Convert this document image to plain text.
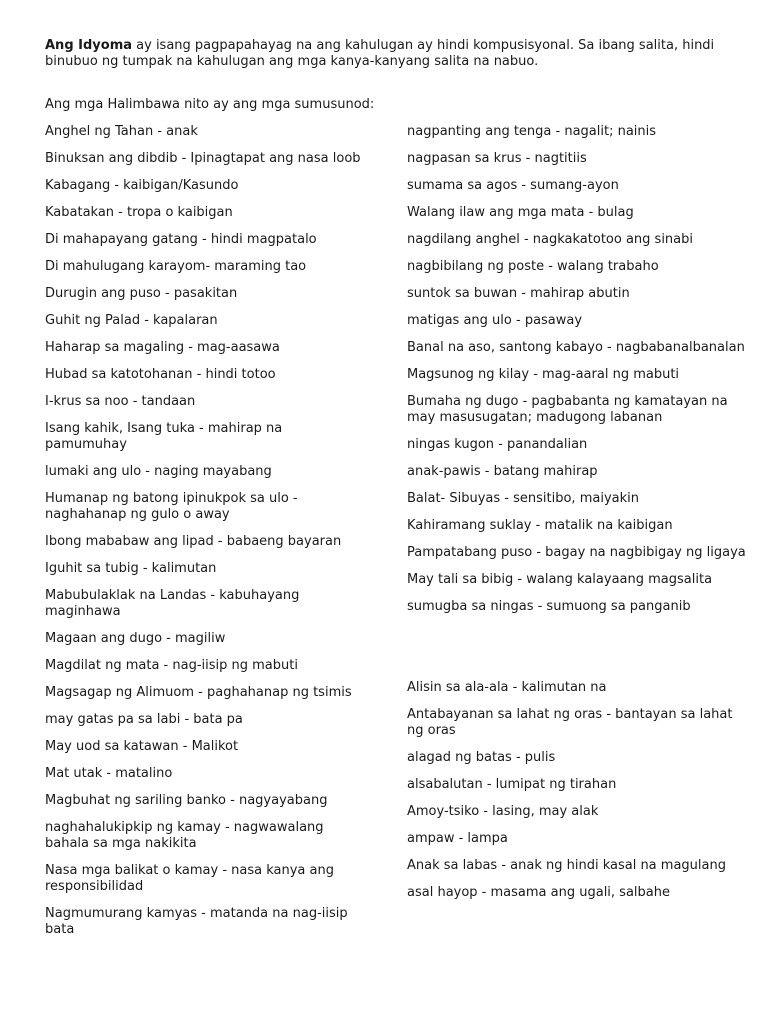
Ang Idyoma ay isang pagpapahayag na ang kahulugan ay hindi kompusisyonal. Sa ibang salita, hindi binubuo ng tumpak na kahulugan ang mga kanya-kanyang salita na nabuo.
Ang mga Halimbawa nito ay ang mga sumusunod:
Anghel ng Tahan - anak
Binuksan ang dibdib - Ipinagtapat ang nasa loob
Kabagang - kaibigan/Kasundo
Kabatakan - tropa o kaibigan
Di mahapayang gatang - hindi magpatalo
Di mahulugang karayom- maraming tao
Durugin ang puso - pasakitan
Guhit ng Palad - kapalaran
Haharap sa magaling - mag-aasawa
Hubad sa katotohanan - hindi totoo
I-krus sa noo - tandaan
Isang kahik, Isang tuka - mahirap na pamumuhay
lumaki ang ulo - naging mayabang
Humanap ng batong ipinukpok sa ulo - naghahanap ng gulo o away
Ibong mababaw ang lipad - babaeng bayaran
Iguhit sa tubig - kalimutan
Mabubulaklak na Landas - kabuhayang maginhawa
Magaan ang dugo - magiliw
Magdilat ng mata - nag-iisip ng mabuti
Magsagap ng Alimuom - paghahanap ng tsimis
may gatas pa sa labi - bata pa
May uod sa katawan - Malikot
Mat utak - matalino
Magbuhat ng sariling banko - nagyayabang
naghahalukipkip ng kamay - nagwawalang bahala sa mga nakikita
Nasa mga balikat o kamay - nasa kanya ang responsibilidad
Nagmumurang kamyas - matanda na nag-iisip bata
nagpanting ang tenga - nagalit; nainis
nagpasan sa krus - nagtitiis
sumama sa agos - sumang-ayon
Walang ilaw ang mga mata - bulag
nagdilang anghel - nagkakatotoo ang sinabi
nagbibilang ng poste - walang trabaho
suntok sa buwan - mahirap abutin
matigas ang ulo - pasaway
Banal na aso, santong kabayo - nagbabanalbanalan
Magsunog ng kilay - mag-aaral ng mabuti
Bumaha ng dugo - pagbabanta ng kamatayan na may masusugatan; madugong labanan
ningas kugon - panandalian
anak-pawis - batang mahirap
Balat- Sibuyas - sensitibo, maiyakin
Kahiramang suklay - matalik na kaibigan
Pampatabang puso - bagay na nagbibigay ng ligaya
May tali sa bibig - walang kalayaang magsalita
sumugba sa ningas - sumuong sa panganib
Alisin sa ala-ala - kalimutan na
Antabayanan sa lahat ng oras - bantayan sa lahat ng oras
alagad ng batas - pulis
alsabalutan - lumipat ng tirahan
Amoy-tsiko - lasing, may alak
ampaw - lampa
Anak sa labas - anak ng hindi kasal na magulang
asal hayop - masama ang ugali, salbahe
